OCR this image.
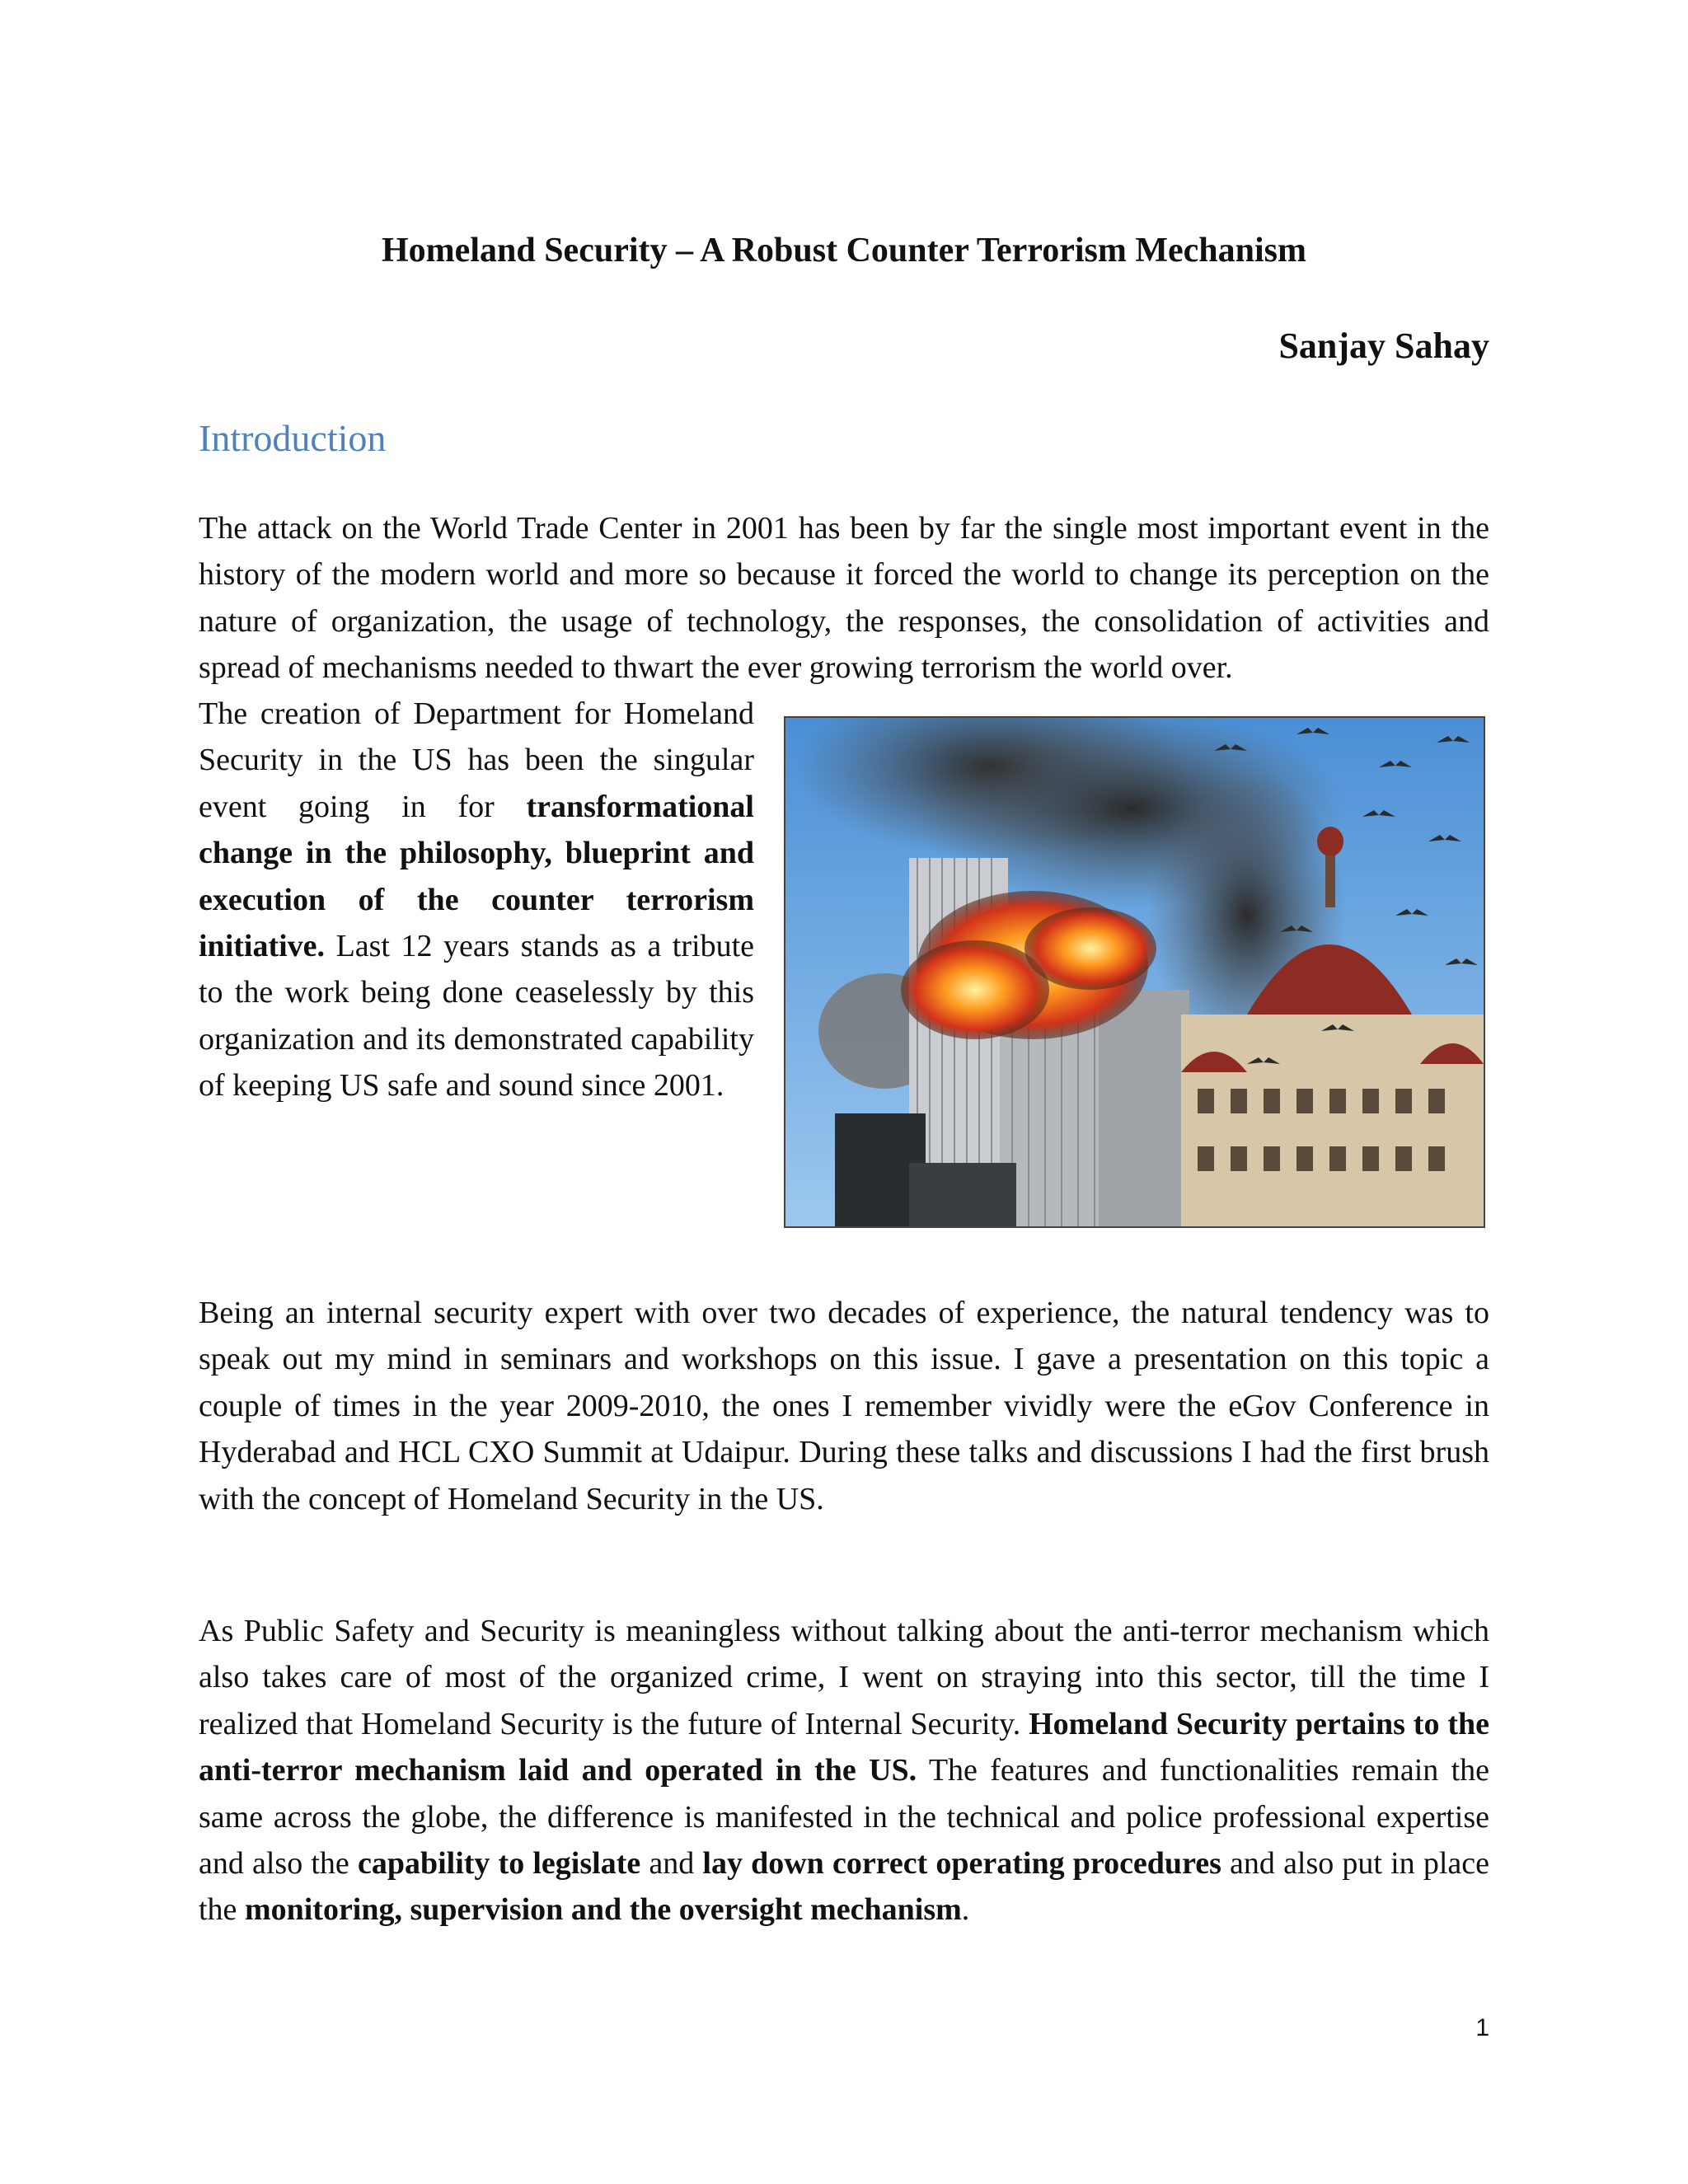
Homeland Security – A Robust Counter Terrorism Mechanism

Sanjay Sahay

Introduction

The attack on the World Trade Center in 2001 has been by far the single most important event in the history of the modern world and more so because it forced the world to change its perception on the nature of organization, the usage of technology, the responses, the consolidation of activities and spread of mechanisms needed to thwart the ever growing terrorism the world over.

The creation of Department for Homeland Security in the US has been the singular event going in for transformational change in the philosophy, blueprint and execution of the counter terrorism initiative. Last 12 years stands as a tribute to the work being done ceaselessly by this organization and its demonstrated capability of keeping US safe and sound since 2001.

Being an internal security expert with over two decades of experience, the natural tendency was to speak out my mind in seminars and workshops on this issue. I gave a presentation on this topic a couple of times in the year 2009-2010, the ones I remember vividly were the eGov Conference in Hyderabad and HCL CXO Summit at Udaipur. During these talks and discussions I had the first brush with the concept of Homeland Security in the US.

As Public Safety and Security is meaningless without talking about the anti-terror mechanism which also takes care of most of the organized crime, I went on straying into this sector, till the time I realized that Homeland Security is the future of Internal Security. Homeland Security pertains to the anti-terror mechanism laid and operated in the US. The features and functionalities remain the same across the globe, the difference is manifested in the technical and police professional expertise and also the capability to legislate and lay down correct operating procedures and also put in place the monitoring, supervision and the oversight mechanism.

1
